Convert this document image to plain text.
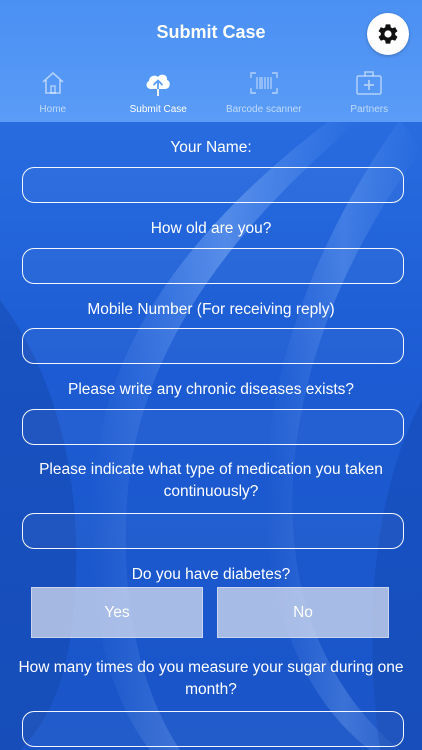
Submit Case
Home	Submit Case	Barcode scanner	Partners
Your Name:
How old are you?
Mobile Number (For receiving reply)
Please write any chronic diseases exists?
Please indicate what type of medication you taken continuously?
Do you have diabetes?
Yes	No
How many times do you measure your sugar during one month?
